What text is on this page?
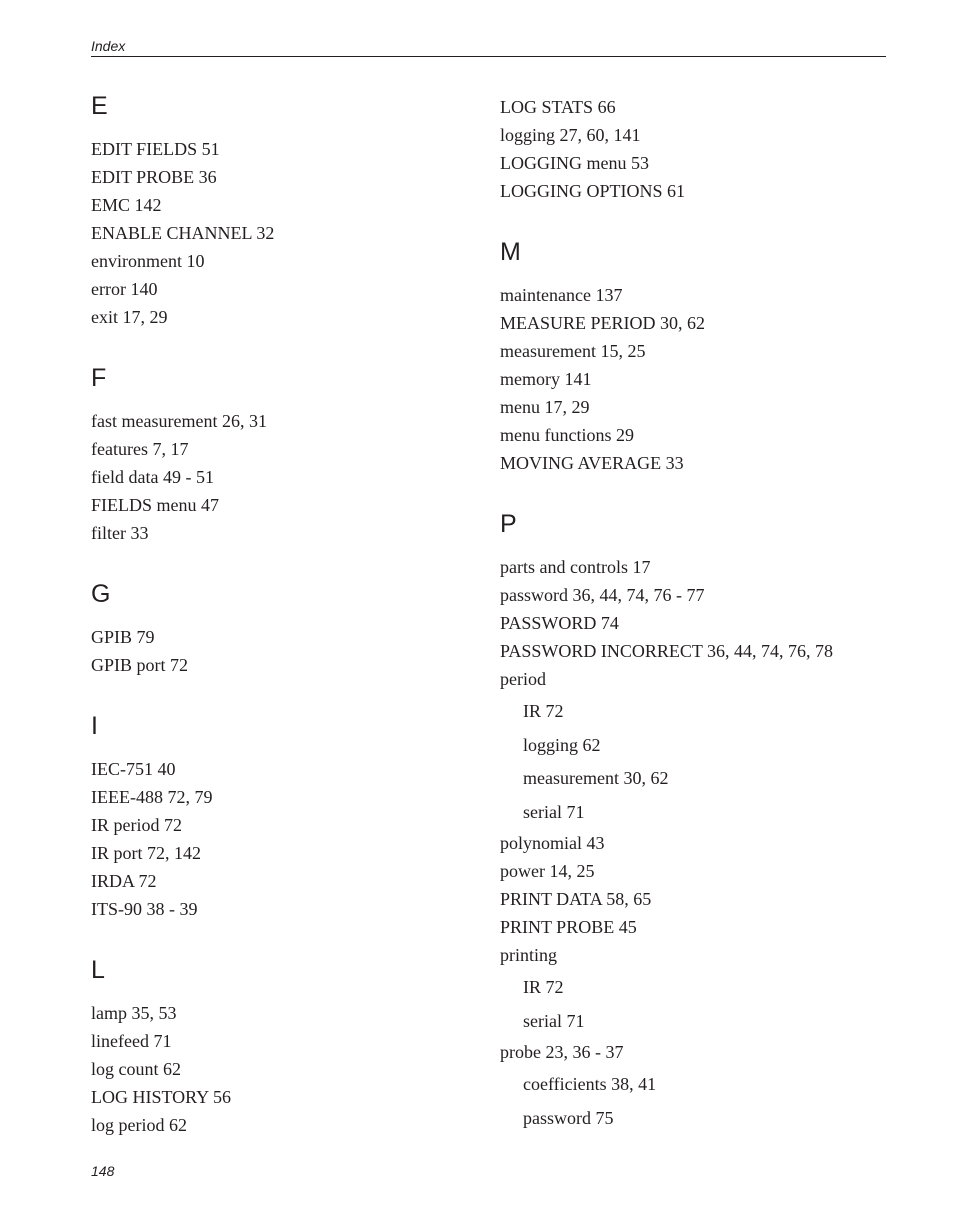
Index
E
EDIT FIELDS 51
EDIT PROBE 36
EMC 142
ENABLE CHANNEL 32
environment 10
error 140
exit 17, 29
F
fast measurement 26, 31
features 7, 17
field data 49 - 51
FIELDS menu 47
filter 33
G
GPIB 79
GPIB port 72
I
IEC-751 40
IEEE-488 72, 79
IR period 72
IR port 72, 142
IRDA 72
ITS-90 38 - 39
L
lamp 35, 53
linefeed 71
log count 62
LOG HISTORY 56
log period 62
LOG STATS 66
logging 27, 60, 141
LOGGING menu 53
LOGGING OPTIONS 61
M
maintenance 137
MEASURE PERIOD 30, 62
measurement 15, 25
memory 141
menu 17, 29
menu functions 29
MOVING AVERAGE 33
P
parts and controls 17
password 36, 44, 74, 76 - 77
PASSWORD 74
PASSWORD INCORRECT 36, 44, 74, 76, 78
period
IR 72
logging 62
measurement 30, 62
serial 71
polynomial 43
power 14, 25
PRINT DATA 58, 65
PRINT PROBE 45
printing
IR 72
serial 71
probe 23, 36 - 37
coefficients 38, 41
password 75
148
